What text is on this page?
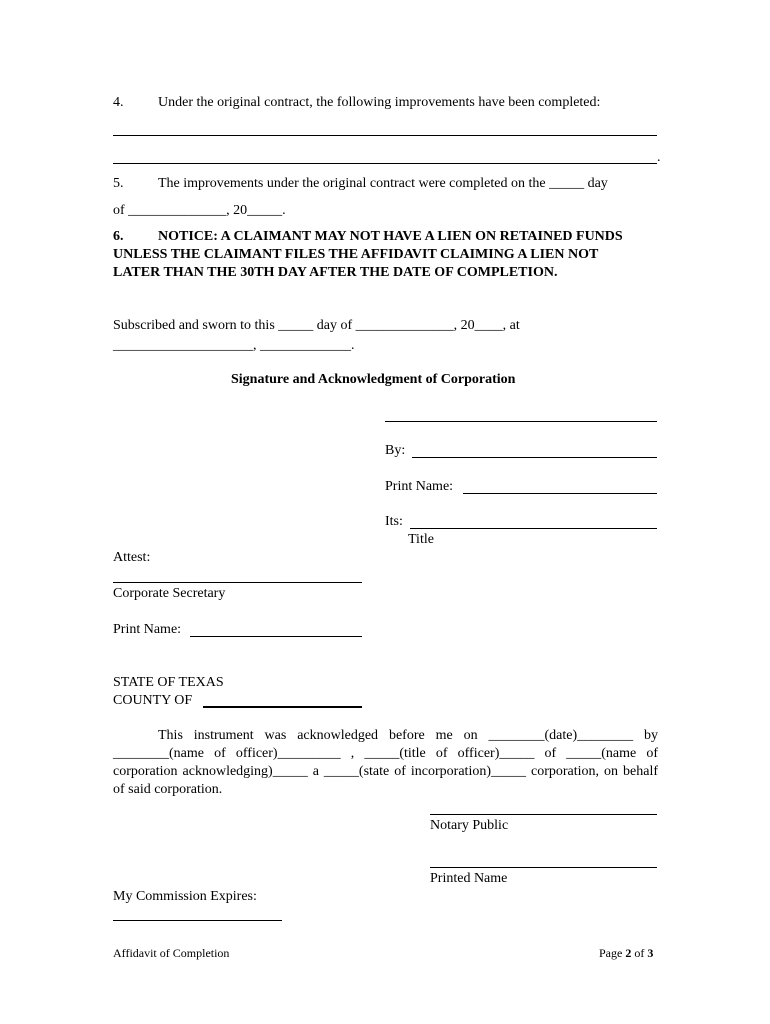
4. Under the original contract, the following improvements have been completed:
.
5. The improvements under the original contract were completed on the _____ day
of ______________, 20_____.
6.	NOTICE: A CLAIMANT MAY NOT HAVE A LIEN ON RETAINED FUNDS UNLESS THE CLAIMANT FILES THE AFFIDAVIT CLAIMING A LIEN NOT LATER THAN THE 30TH DAY AFTER THE DATE OF COMPLETION.
Subscribed and sworn to this _____ day of ______________, 20____, at
____________________, _____________.
Signature and Acknowledgment of Corporation
By:
Print Name:
Its:
Title
Attest:
Corporate Secretary
Print Name:
STATE OF TEXAS
COUNTY OF
This instrument was acknowledged before me on ________(date)________ by ________(name of officer)_________ , _____(title of officer)_____ of _____(name of corporation acknowledging)_____ a _____(state of incorporation)_____ corporation, on behalf of said corporation.
Notary Public
Printed Name
My Commission Expires:
Affidavit of Completion	Page 2 of 3
